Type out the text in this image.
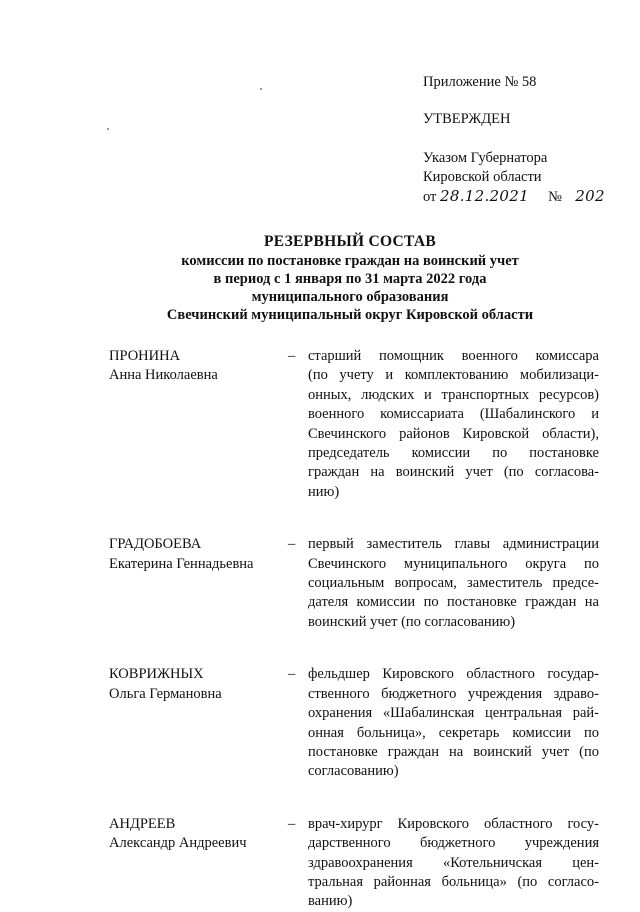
Приложение № 58
УТВЕРЖДЕН
Указом Губернатора
Кировской области
от 28.12.2021 № 202
РЕЗЕРВНЫЙ СОСТАВ
комиссии по постановке граждан на воинский учет
в период с 1 января по 31 марта 2022 года
муниципального образования
Свечинский муниципальный округ Кировской области
ПРОНИНА
Анна Николаевна
– старший помощник военного комиссара
(по учету и комплектованию мобилизаци-
онных, людских и транспортных ресурсов)
военного комиссариата (Шабалинского и
Свечинского районов Кировской области),
председатель комиссии по постановке
граждан на воинский учет (по согласова-
нию)
ГРАДОБОЕВА
Екатерина Геннадьевна
– первый заместитель главы администрации
Свечинского муниципального округа по
социальным вопросам, заместитель предсе-
дателя комиссии по постановке граждан на
воинский учет (по согласованию)
КОВРИЖНЫХ
Ольга Германовна
– фельдшер Кировского областного государ-
ственного бюджетного учреждения здраво-
охранения «Шабалинская центральная рай-
онная больница», секретарь комиссии по
постановке граждан на воинский учет (по
согласованию)
АНДРЕЕВ
Александр Андреевич
– врач-хирург Кировского областного госу-
дарственного бюджетного учреждения
здравоохранения «Котельничская цен-
тральная районная больница» (по согласо-
ванию)
